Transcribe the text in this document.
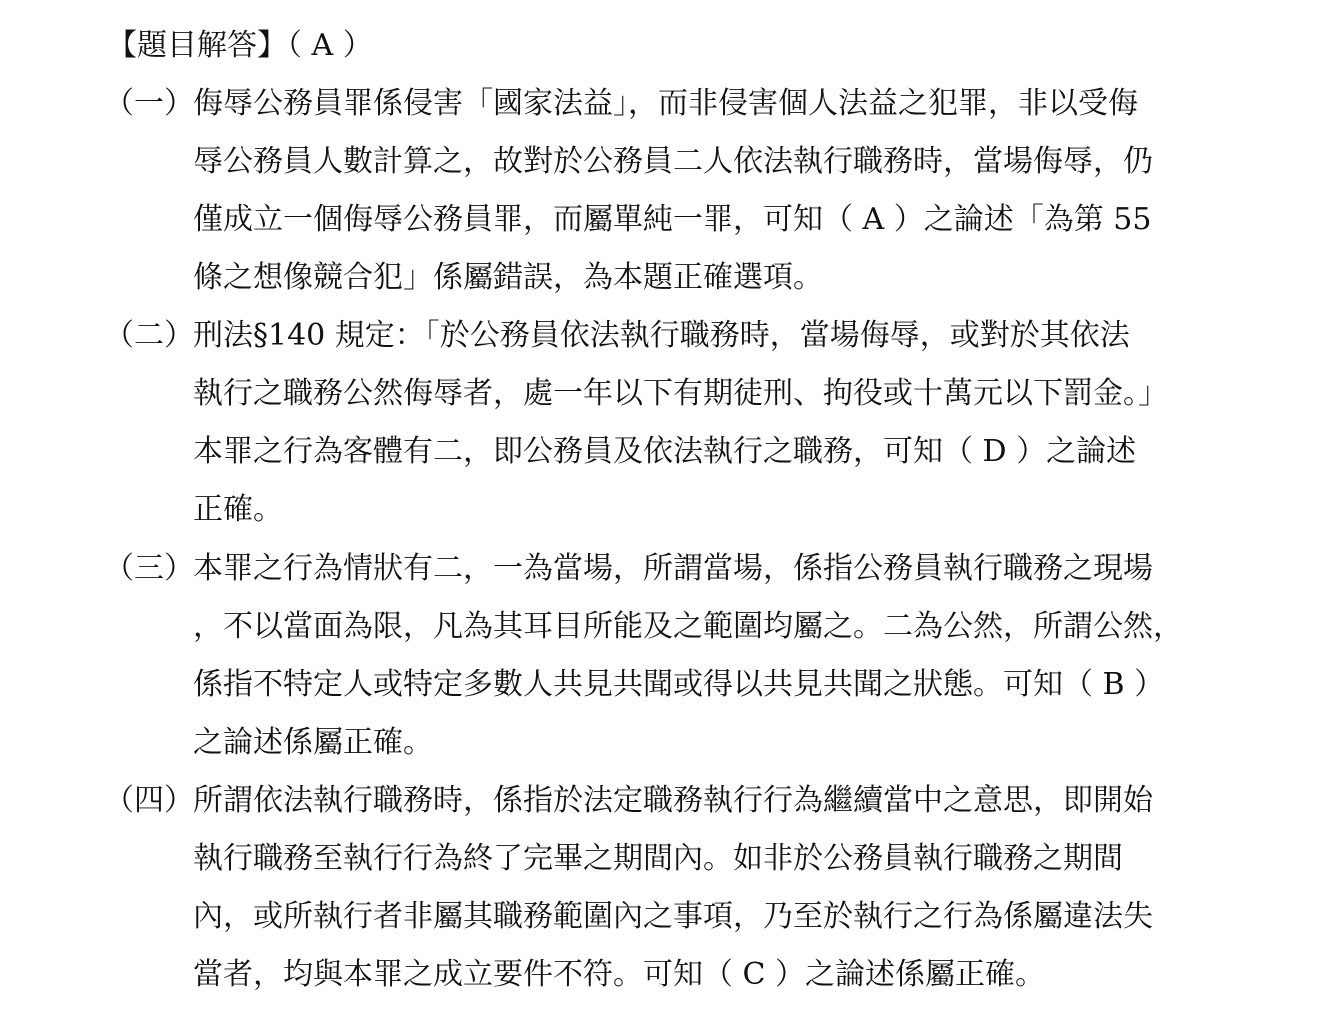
【題目解答】（ A ）
（一） 侮辱公務員罪係侵害「國家法益」，而非侵害個人法益之犯罪，非以受侮
辱公務員人數計算之，故對於公務員二人依法執行職務時，當場侮辱，仍
僅成立一個侮辱公務員罪，而屬單純一罪，可知（ A ）之論述「為第 55
條之想像競合犯」係屬錯誤，為本題正確選項。
（二） 刑法§140 規定：「於公務員依法執行職務時，當場侮辱，或對於其依法
執行之職務公然侮辱者，處一年以下有期徒刑、拘役或十萬元以下罰金。」
本罪之行為客體有二，即公務員及依法執行之職務，可知（ D ）之論述
正確。
（三） 本罪之行為情狀有二，一為當場，所謂當場，係指公務員執行職務之現場
，不以當面為限，凡為其耳目所能及之範圍均屬之。二為公然，所謂公然，
係指不特定人或特定多數人共見共聞或得以共見共聞之狀態。可知（ B ）
之論述係屬正確。
（四） 所謂依法執行職務時，係指於法定職務執行行為繼續當中之意思，即開始
執行職務至執行行為終了完畢之期間內。如非於公務員執行職務之期間
內，或所執行者非屬其職務範圍內之事項，乃至於執行之行為係屬違法失
當者，均與本罪之成立要件不符。可知（ C ）之論述係屬正確。
